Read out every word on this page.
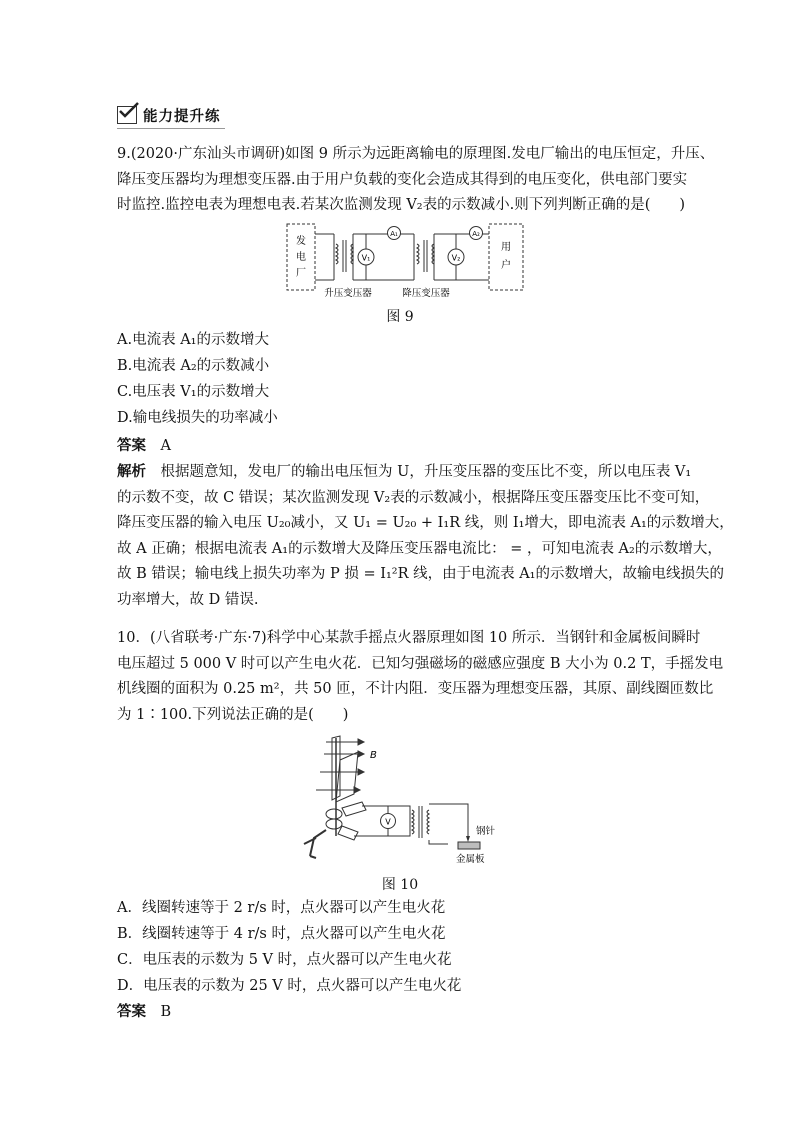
能力提升练
9.(2020·广东汕头市调研)如图 9 所示为远距离输电的原理图.发电厂输出的电压恒定，升压、
降压变压器均为理想变压器.由于用户负载的变化会造成其得到的电压变化，供电部门要实
时监控.监控电表为理想电表.若某次监测发现 V₂表的示数减小.则下列判断正确的是(　　)
发
电
厂
用
户
V₁
A₁
V₂
A₂
升压变压器	降压变压器
图 9
A.电流表 A₁的示数增大
B.电流表 A₂的示数减小
C.电压表 V₁的示数增大
D.输电线损失的功率减小
答案　 A
解析　 根据题意知，发电厂的输出电压恒为 U，升压变压器的变压比不变，所以电压表 V₁
的示数不变，故 C 错误；某次监测发现 V₂表的示数减小，根据降压变压器变压比不变可知，
降压变压器的输入电压 U₂₀减小，又 U₁ = U₂₀ + I₁R 线，则 I₁增大，即电流表 A₁的示数增大，
故 A 正确；根据电流表 A₁的示数增大及降压变压器电流比： = ，可知电流表 A₂的示数增大，
故 B 错误；输电线上损失功率为 P 损 = I₁²R 线，由于电流表 A₁的示数增大，故输电线损失的
功率增大，故 D 错误.
10．(八省联考·广东·7)科学中心某款手摇点火器原理如图 10 所示．当钢针和金属板间瞬时
电压超过 5 000 V 时可以产生电火花．已知匀强磁场的磁感应强度 B 大小为 0.2 T，手摇发电
机线圈的面积为 0.25 m²，共 50 匝，不计内阻．变压器为理想变压器，其原、副线圈匝数比
为 1∶100.下列说法正确的是(　　)
B
V
钢针
金属板
图 10
A．线圈转速等于 2 r/s 时，点火器可以产生电火花
B．线圈转速等于 4 r/s 时，点火器可以产生电火花
C．电压表的示数为 5 V 时，点火器可以产生电火花
D．电压表的示数为 25 V 时，点火器可以产生电火花
答案　 B
